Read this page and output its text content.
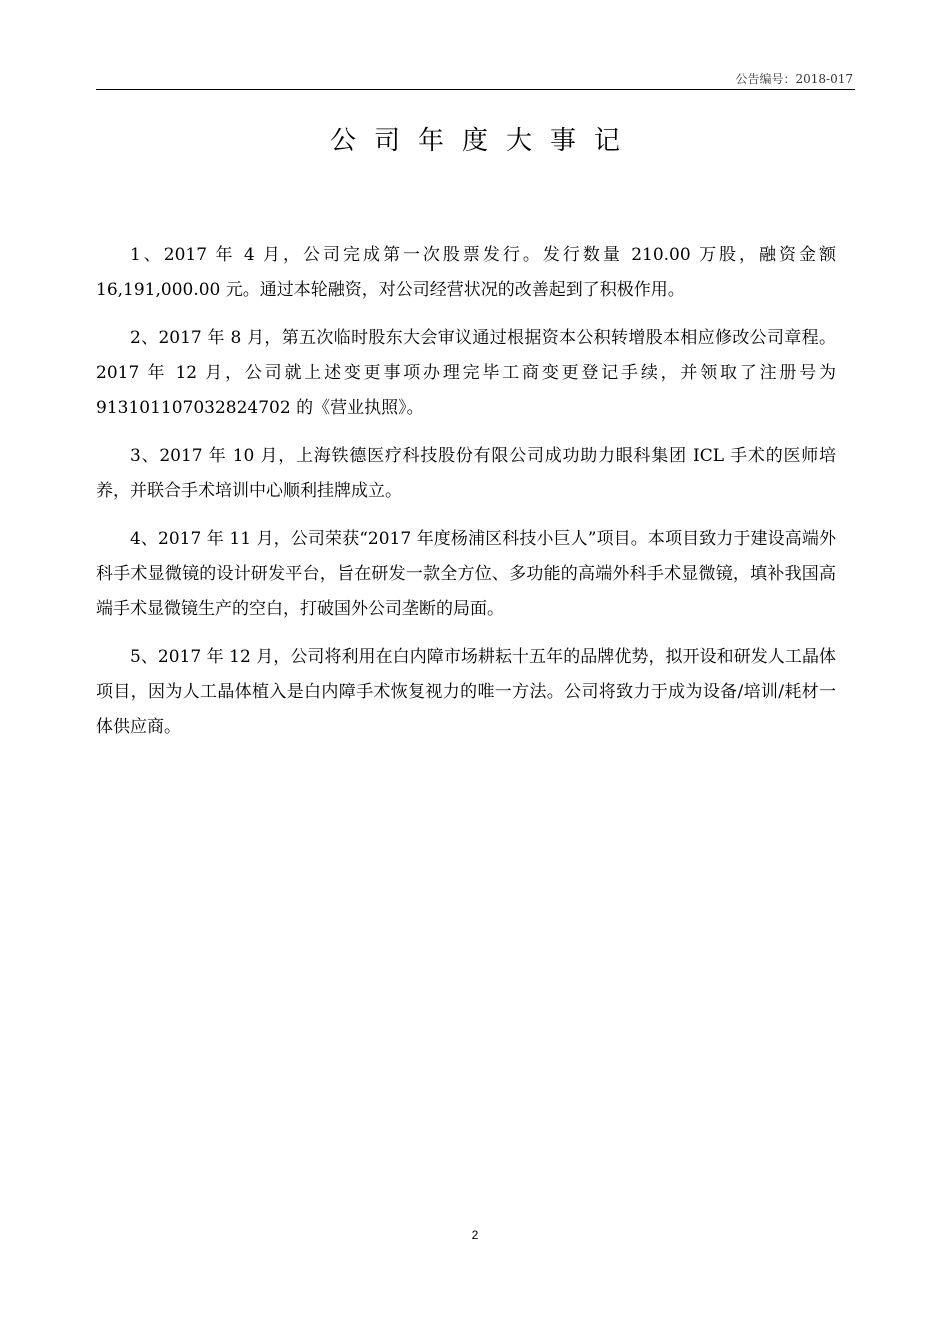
公告编号：2018-017
公司年度大事记

1、2017 年 4 月，公司完成第一次股票发行。发行数量 210.00 万股，融资金额 16,191,000.00 元。通过本轮融资，对公司经营状况的改善起到了积极作用。

2、2017 年 8 月，第五次临时股东大会审议通过根据资本公积转增股本相应修改公司章程。2017 年 12 月，公司就上述变更事项办理完毕工商变更登记手续，并领取了注册号为 913101107032824702 的《营业执照》。

3、2017 年 10 月，上海铁德医疗科技股份有限公司成功助力眼科集团 ICL 手术的医师培养，并联合手术培训中心顺利挂牌成立。

4、2017 年 11 月，公司荣获“2017 年度杨浦区科技小巨人”项目。本项目致力于建设高端外科手术显微镜的设计研发平台，旨在研发一款全方位、多功能的高端外科手术显微镜，填补我国高端手术显微镜生产的空白，打破国外公司垄断的局面。

5、2017 年 12 月，公司将利用在白内障市场耕耘十五年的品牌优势，拟开设和研发人工晶体项目，因为人工晶体植入是白内障手术恢复视力的唯一方法。公司将致力于成为设备/培训/耗材一体供应商。

2
